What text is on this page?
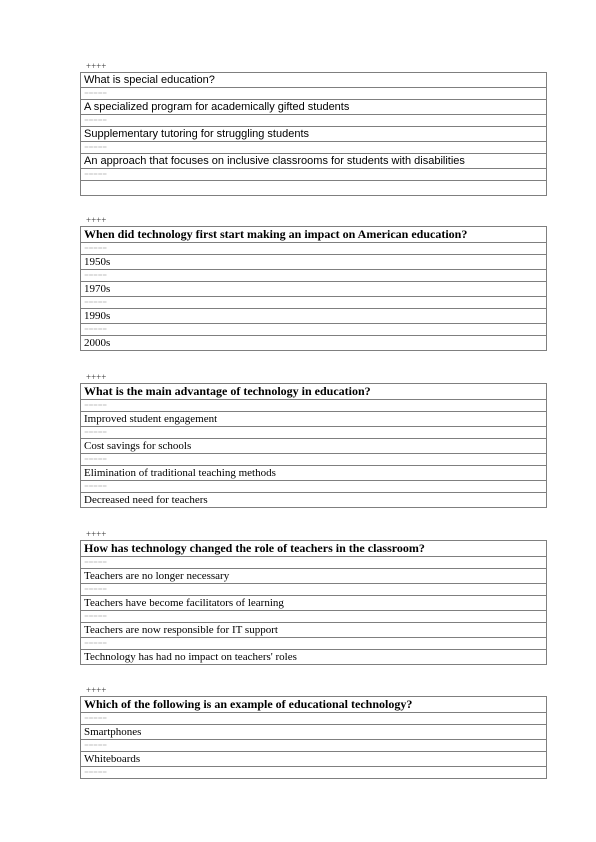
++++
What is special education?
=====
A specialized program for academically gifted students
=====
Supplementary tutoring for struggling students
=====
An approach that focuses on inclusive classrooms for students with disabilities
=====

++++
When did technology first start making an impact on American education?
=====
1950s
=====
1970s
=====
1990s
=====
2000s
++++
What is the main advantage of technology in education?
=====
Improved student engagement
=====
Cost savings for schools
=====
Elimination of traditional teaching methods
=====
Decreased need for teachers
++++
How has technology changed the role of teachers in the classroom?
=====
Teachers are no longer necessary
=====
Teachers have become facilitators of learning
=====
Teachers are now responsible for IT support
=====
Technology has had no impact on teachers' roles
++++
Which of the following is an example of educational technology?
=====
Smartphones
=====
Whiteboards
=====
